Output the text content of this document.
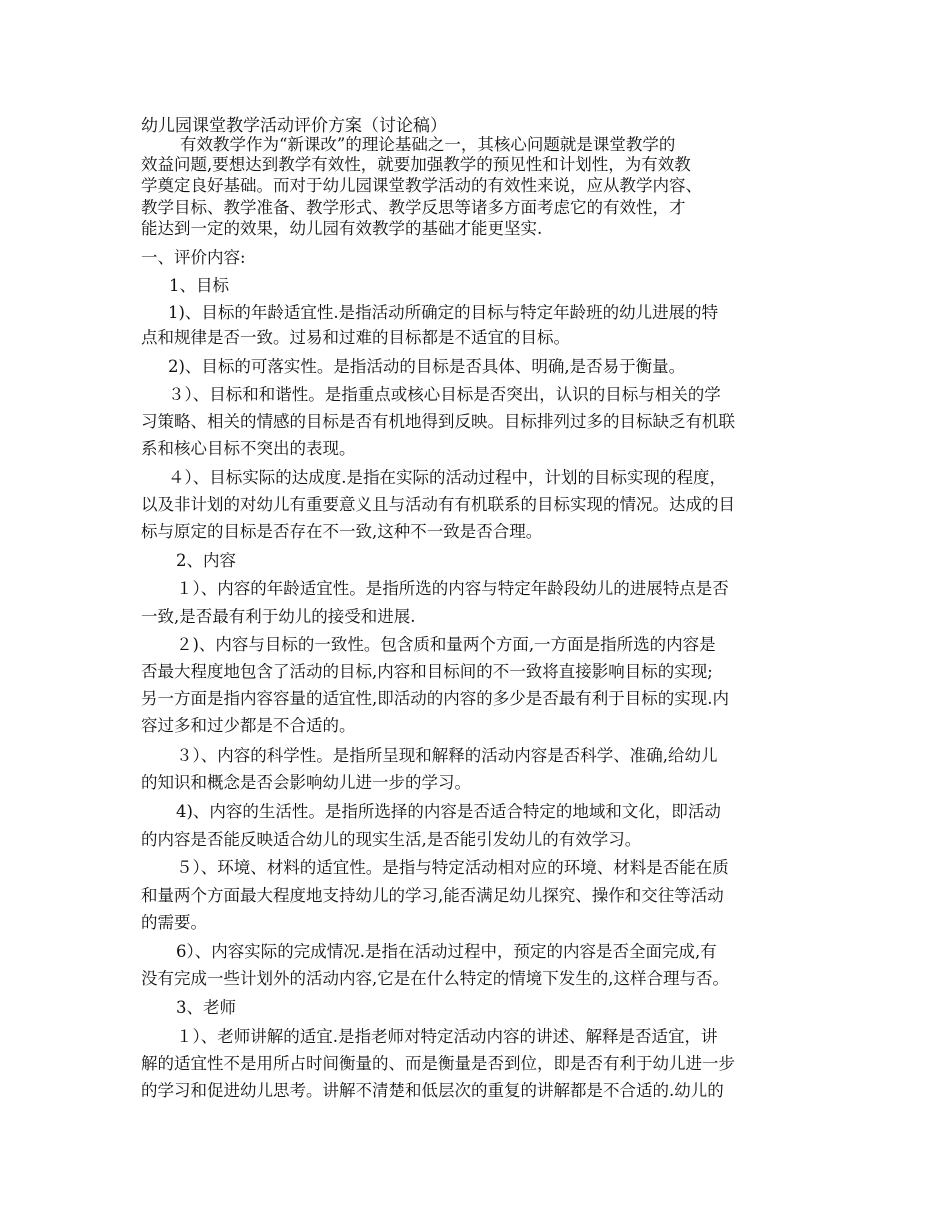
幼儿园课堂教学活动评价方案（讨论稿）
有效教学作为“新课改”的理论基础之一，其核心问题就是课堂教学的
效益问题,要想达到教学有效性，就要加强教学的预见性和计划性，为有效教
学奠定良好基础。而对于幼儿园课堂教学活动的有效性来说，应从教学内容、
教学目标、教学准备、教学形式、教学反思等诸多方面考虑它的有效性，才
能达到一定的效果，幼儿园有效教学的基础才能更坚实.
一、评价内容:
1、目标
1)、目标的年龄适宜性.是指活动所确定的目标与特定年龄班的幼儿进展的特
点和规律是否一致。过易和过难的目标都是不适宜的目标。
2)、目标的可落实性。是指活动的目标是否具体、明确,是否易于衡量。
３）、目标和和谐性。是指重点或核心目标是否突出，认识的目标与相关的学
习策略、相关的情感的目标是否有机地得到反映。目标排列过多的目标缺乏有机联
系和核心目标不突出的表现。
４）、目标实际的达成度.是指在实际的活动过程中，计划的目标实现的程度，
以及非计划的对幼儿有重要意义且与活动有有机联系的目标实现的情况。达成的目
标与原定的目标是否存在不一致,这种不一致是否合理。
2、内容
１）、内容的年龄适宜性。是指所选的内容与特定年龄段幼儿的进展特点是否
一致,是否最有利于幼儿的接受和进展.
２)、内容与目标的一致性。包含质和量两个方面,一方面是指所选的内容是
否最大程度地包含了活动的目标,内容和目标间的不一致将直接影响目标的实现;
另一方面是指内容容量的适宜性,即活动的内容的多少是否最有利于目标的实现.内
容过多和过少都是不合适的。
３）、内容的科学性。是指所呈现和解释的活动内容是否科学、准确,给幼儿
的知识和概念是否会影响幼儿进一步的学习。
4)、内容的生活性。是指所选择的内容是否适合特定的地域和文化，即活动
的内容是否能反映适合幼儿的现实生活,是否能引发幼儿的有效学习。
５）、环境、材料的适宜性。是指与特定活动相对应的环境、材料是否能在质
和量两个方面最大程度地支持幼儿的学习,能否满足幼儿探究、操作和交往等活动
的需要。
6）、内容实际的完成情况.是指在活动过程中，预定的内容是否全面完成,有
没有完成一些计划外的活动内容,它是在什么特定的情境下发生的,这样合理与否。
3、老师
１）、老师讲解的适宜.是指老师对特定活动内容的讲述、解释是否适宜，讲
解的适宜性不是用所占时间衡量的、而是衡量是否到位，即是否有利于幼儿进一步
的学习和促进幼儿思考。讲解不清楚和低层次的重复的讲解都是不合适的.幼儿的
